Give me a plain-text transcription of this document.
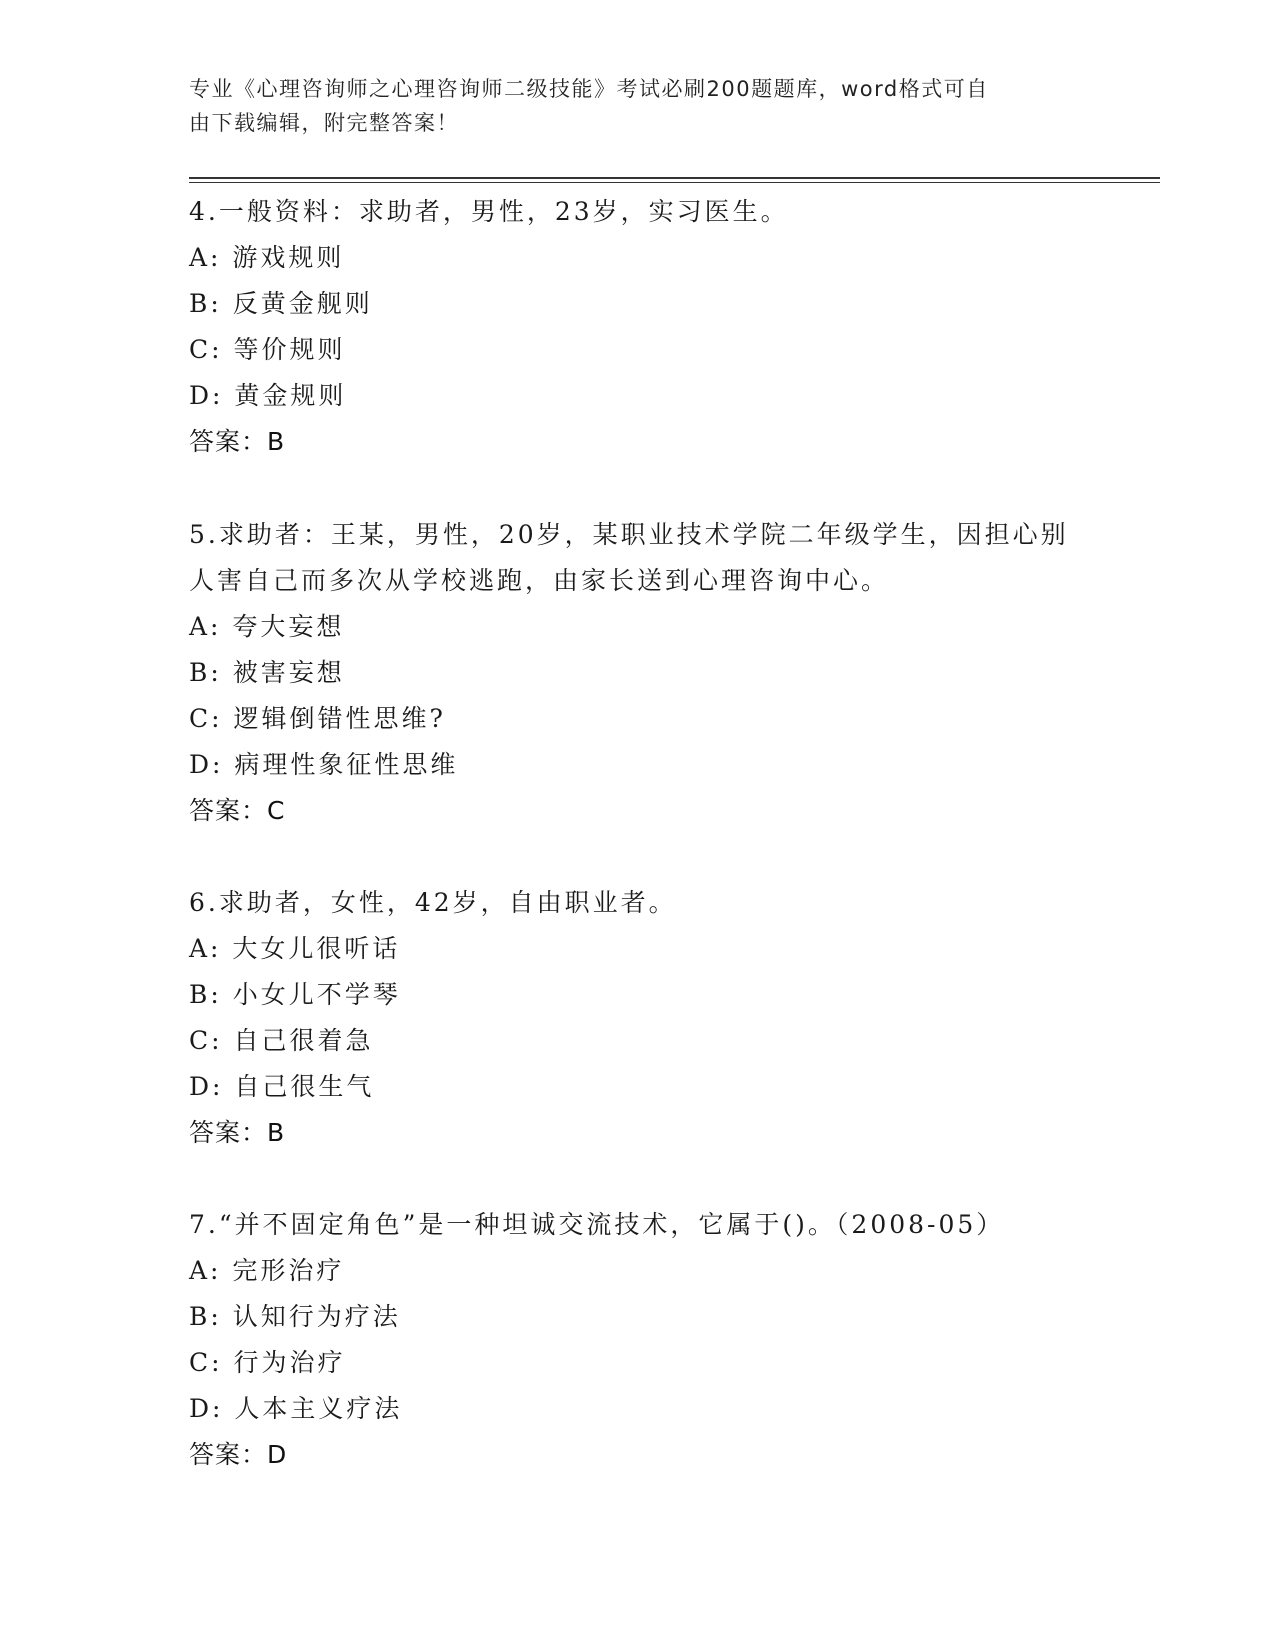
专业《心理咨询师之心理咨询师二级技能》考试必刷200题题库，word格式可自
由下载编辑，附完整答案！

4.一般资料：求助者，男性，23岁，实习医生。

A: 游戏规则

B: 反黄金舰则

C: 等价规则

D: 黄金规则

答案：B

5.求助者：王某，男性，20岁，某职业技术学院二年级学生，因担心别人害自己而多次从学校逃跑，由家长送到心理咨询中心。

A: 夸大妄想

B: 被害妄想

C: 逻辑倒错性思维?

D: 病理性象征性思维

答案：C

6.求助者，女性，42岁，自由职业者。

A: 大女儿很听话

B: 小女儿不学琴

C: 自己很着急

D: 自己很生气

答案：B

7.“并不固定角色”是一种坦诚交流技术，它属于()。（2008-05）

A: 完形治疗

B: 认知行为疗法

C: 行为治疗

D: 人本主义疗法

答案：D
